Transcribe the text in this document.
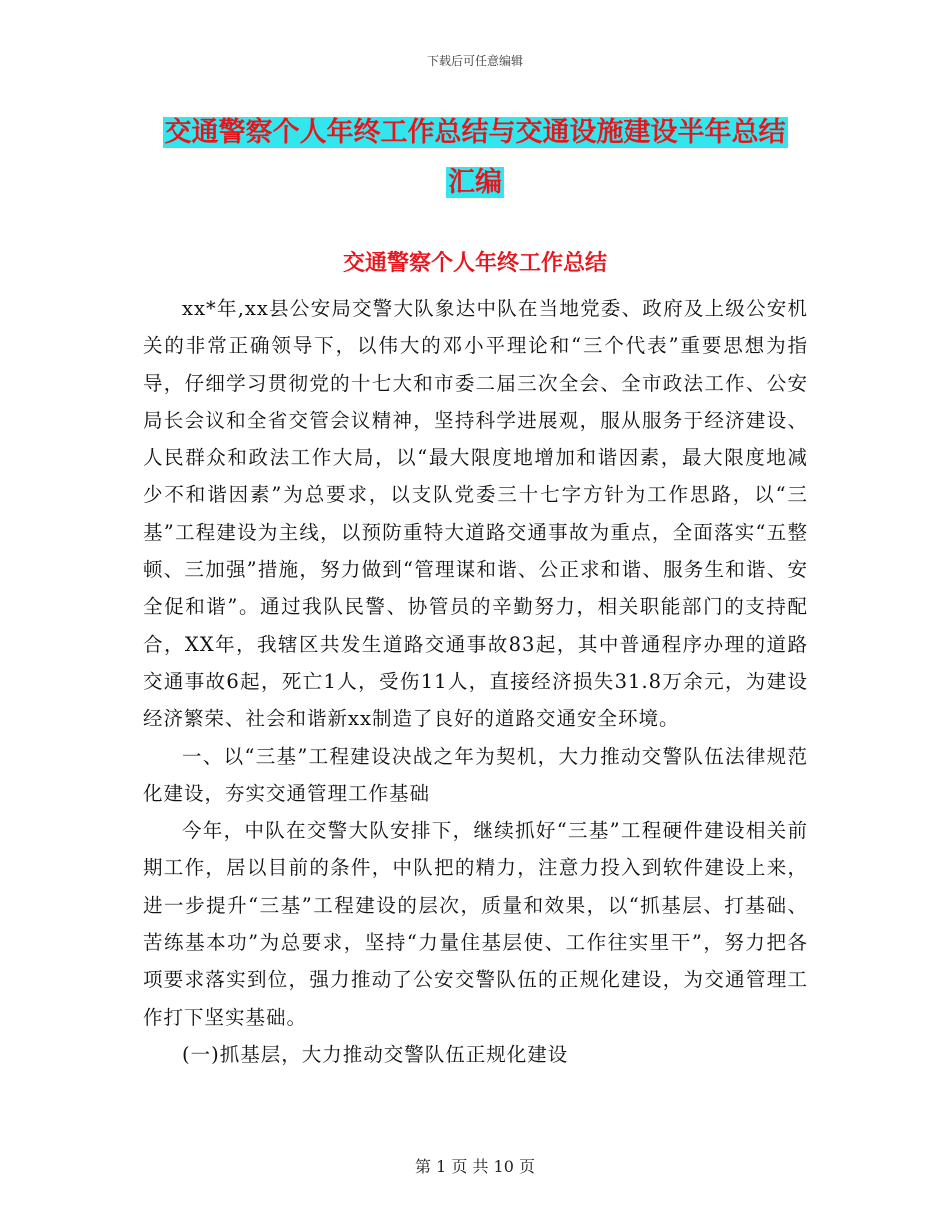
下载后可任意编辑
交通警察个人年终工作总结与交通设施建设半年总结
汇编
交通警察个人年终工作总结

xx*年,xx县公安局交警大队象达中队在当地党委、政府及上级公安机关的非常正确领导下，以伟大的邓小平理论和“三个代表”重要思想为指导，仔细学习贯彻党的十七大和市委二届三次全会、全市政法工作、公安局长会议和全省交管会议精神，坚持科学进展观，服从服务于经济建设、人民群众和政法工作大局，以“最大限度地增加和谐因素，最大限度地减少不和谐因素”为总要求，以支队党委三十七字方针为工作思路，以“三基”工程建设为主线，以预防重特大道路交通事故为重点，全面落实“五整顿、三加强”措施，努力做到“管理谋和谐、公正求和谐、服务生和谐、安全促和谐”。通过我队民警、协管员的辛勤努力，相关职能部门的支持配合，XX年，我辖区共发生道路交通事故83起，其中普通程序办理的道路交通事故6起，死亡1人，受伤11人，直接经济损失31.8万余元，为建设经济繁荣、社会和谐新xx制造了良好的道路交通安全环境。

一、以“三基”工程建设决战之年为契机，大力推动交警队伍法律规范化建设，夯实交通管理工作基础

今年，中队在交警大队安排下，继续抓好“三基”工程硬件建设相关前期工作，居以目前的条件，中队把的精力，注意力投入到软件建设上来，进一步提升“三基”工程建设的层次，质量和效果，以“抓基层、打基础、苦练基本功”为总要求，坚持“力量住基层使、工作往实里干”，努力把各项要求落实到位，强力推动了公安交警队伍的正规化建设，为交通管理工作打下坚实基础。

(一)抓基层，大力推动交警队伍正规化建设

第 1 页 共 10 页
